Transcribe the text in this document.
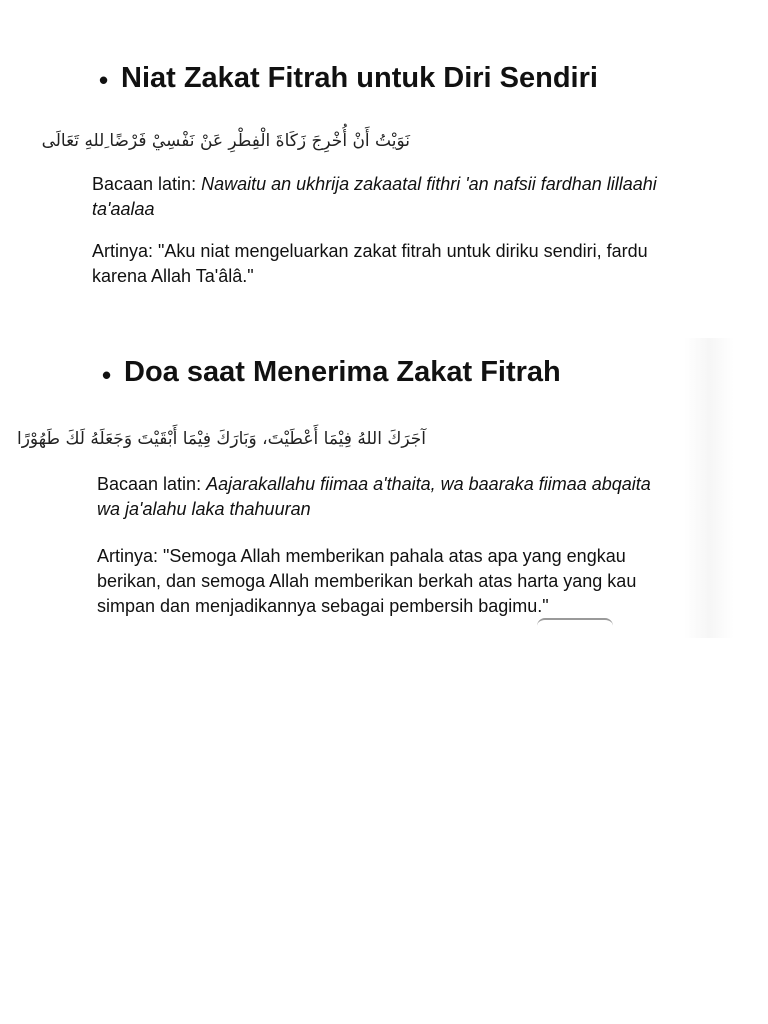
• Niat Zakat Fitrah untuk Diri Sendiri
نَوَيْتُ أَنْ أُخْرِجَ زَكَاةَ الْفِطْرِ عَنْ نَفْسِيْ فَرْضًا ِللهِ تَعَالَى
Bacaan latin: Nawaitu an ukhrija zakaatal fithri 'an nafsii fardhan lillaahi ta'aalaa
Artinya: "Aku niat mengeluarkan zakat fitrah untuk diriku sendiri, fardu karena Allah Ta'âlâ."
• Doa saat Menerima Zakat Fitrah
آجَرَكَ اللهُ فِيْمَا أَعْطَيْتَ، وَبَارَكَ فِيْمَا أَبْقَيْتَ وَجَعَلَهُ لَكَ طَهُوْرًا
Bacaan latin: Aajarakallahu fiimaa a'thaita, wa baaraka fiimaa abqaita wa ja'alahu laka thahuuran
Artinya: "Semoga Allah memberikan pahala atas apa yang engkau berikan, dan semoga Allah memberikan berkah atas harta yang kau simpan dan menjadikannya sebagai pembersih bagimu."
